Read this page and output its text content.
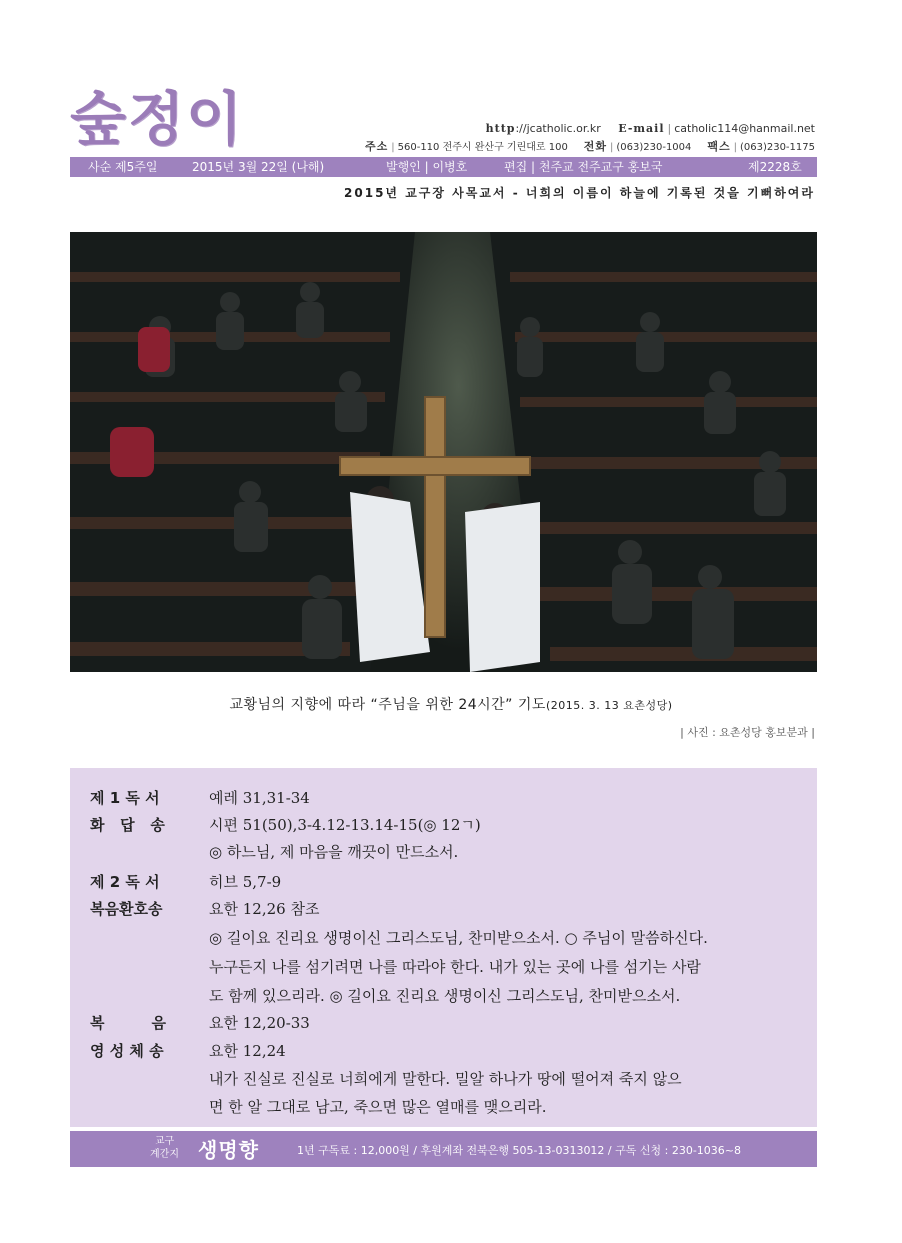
숲정이	http://jcatholic.or.kr E-mail | catholic114@hanmail.net
주소 | 560-110 전주시 완산구 기린대로 100 전화 | (063)230-1004 팩스 | (063)230-1175
사순 제5주일	2015년 3월 22일 (나해)	발행인 | 이병호	편집 | 천주교 전주교구 홍보국	제2228호
2015년 교구장 사목교서 - 너희의 이름이 하늘에 기록된 것을 기뻐하여라
교황님의 지향에 따라 “주님을 위한 24시간” 기도(2015. 3. 13 요촌성당)
| 사진 : 요촌성당 홍보분과 |
제 1 독 서	예레 31,31-34
화   답   송	시편 51(50),3-4.12-13.14-15(◎ 12ㄱ)
◎ 하느님, 제 마음을 깨끗이 만드소서.
제 2 독 서	히브 5,7-9
복음환호송	요한 12,26 참조
◎ 길이요 진리요 생명이신 그리스도님, 찬미받으소서. ○ 주님이 말씀하신다.
누구든지 나를 섬기려면 나를 따라야 한다. 내가 있는 곳에 나를 섬기는 사람
도 함께 있으리라. ◎ 길이요 진리요 생명이신 그리스도님, 찬미받으소서.
복         음	요한 12,20-33
영 성 체 송	요한 12,24
내가 진실로 진실로 너희에게 말한다. 밀알 하나가 땅에 떨어져 죽지 않으
면 한 알 그대로 남고, 죽으면 많은 열매를 맺으리라.
교구
계간지 생명향	1년 구독료 : 12,000원 / 후원계좌 전북은행 505-13-0313012 / 구독 신청 : 230-1036~8
